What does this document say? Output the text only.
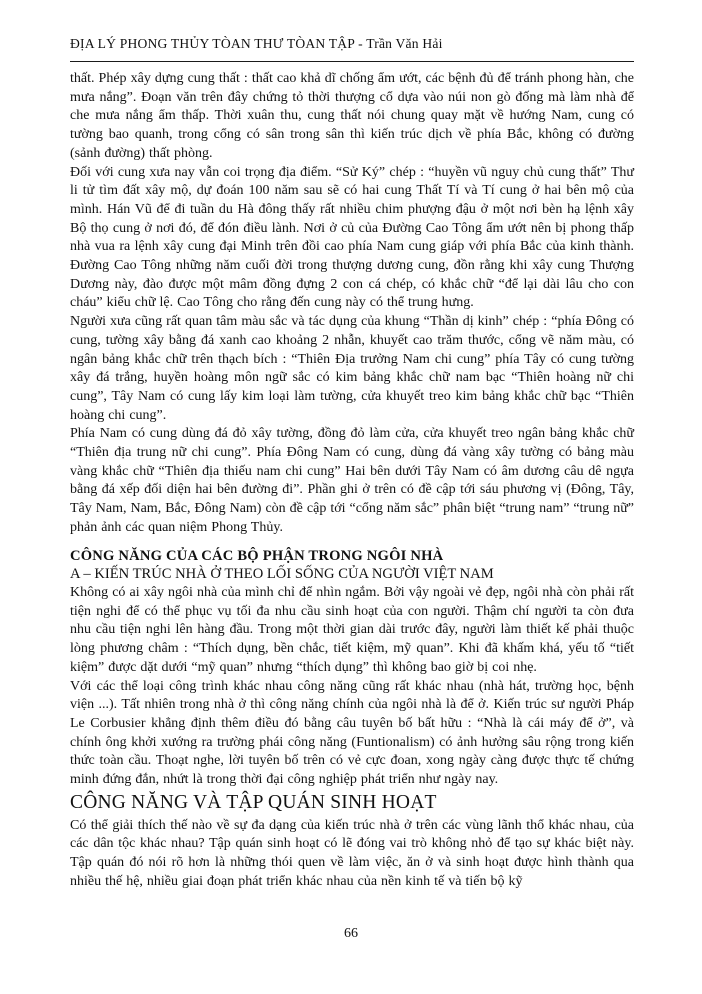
ĐỊA LÝ PHONG THỦY TÒAN THƯ TÒAN TẬP - Trần Văn Hải

thất. Phép xây dựng cung thất : thất cao khả dĩ chống ẩm ướt, các bệnh đủ để tránh phong hàn, che mưa nắng”. Đoạn văn trên đây chứng tỏ thời thượng cổ dựa vào núi non gò đống mà làm nhà để che mưa nắng ẩm thấp. Thời xuân thu, cung thất nói chung quay mặt về hướng Nam, cung có tường bao quanh, trong cổng có sân trong sân thì kiến trúc dịch về phía Bắc, không có đường (sảnh đường) thất phòng.

Đối với cung xưa nay vẫn coi trọng địa điểm. “Sử Ký” chép : “huyền vũ nguy chủ cung thất” Thư li tử tìm đất xây mộ, dự đoán 100 năm sau sẽ có hai cung Thất Tí và Tí cung ở hai bên mộ của mình. Hán Vũ để đi tuần du Hà đông thấy rất nhiều chim phượng đậu ở một nơi bèn hạ lệnh xây Bộ thọ cung ở nơi đó, để đón điều lành. Nơi ở củ của Đường Cao Tông ẩm ướt nên bị phong thấp nhà vua ra lệnh xây cung đại Minh trên đồi cao phía Nam cung giáp với phía Bắc của kinh thành. Đường Cao Tông những năm cuối đời trong thượng dương cung, đồn rằng khi xây cung Thượng Dương này, đào được một mâm đồng đựng 2 con cá chép, có khắc chữ “để lại dài lâu cho con cháu” kiểu chữ lệ. Cao Tông cho rằng đến cung này có thể trung hưng.

Người xưa cũng rất quan tâm màu sắc và tác dụng của khung “Thần dị kinh” chép : “phía Đông có cung, tường xây bằng đá xanh cao khoảng 2 nhẫn, khuyết cao trăm thước, cổng vẽ năm màu, có ngân bảng khắc chữ trên thạch bích : “Thiên Địa trưởng Nam chi cung” phía Tây có cung tường xây đá trắng, huyền hoàng môn ngữ sắc có kim bảng khắc chữ nam bạc “Thiên hoàng nữ chi cung”, Tây Nam có cung lấy kim loại làm tường, cửa khuyết treo kim bảng khắc chữ bạc “Thiên hoàng chi cung”.

Phía Nam có cung dùng đá đỏ xây tường, đồng đỏ làm cửa, cửa khuyết treo ngân bảng khắc chữ “Thiên địa trung nữ chi cung”. Phía Đông Nam có cung, dùng đá vàng xây tường có bảng màu vàng khắc chữ “Thiên địa thiếu nam chi cung” Hai bên dưới Tây Nam có âm dương câu dê ngựa bằng đá xếp đối diện hai bên đường đi”. Phần ghi ở trên có đề cập tới sáu phương vị (Đông, Tây, Tây Nam, Nam, Bắc, Đông Nam) còn đề cập tới “cổng năm sắc” phân biệt “trung nam” “trung nữ” phản ảnh các quan niệm Phong Thủy.

CÔNG NĂNG CỦA CÁC BỘ PHẬN TRONG NGÔI NHÀ
A – KIẾN TRÚC NHÀ Ở THEO LỐI SỐNG CỦA NGƯỜI VIỆT NAM

Không có ai xây ngôi nhà của mình chỉ để nhìn ngắm. Bởi vậy ngoài vẻ đẹp, ngôi nhà còn phải rất tiện nghi để có thể phục vụ tối đa nhu cầu sinh hoạt của con người. Thậm chí người ta còn đưa nhu cầu tiện nghi lên hàng đầu. Trong một thời gian dài trước đây, người làm thiết kế phải thuộc lòng phương châm : “Thích dụng, bền chắc, tiết kiệm, mỹ quan”. Khi đã khấm khá, yếu tố “tiết kiệm” được dặt dưới “mỹ quan” nhưng “thích dụng” thì không bao giờ bị coi nhẹ.

Với các thể loại công trình khác nhau công năng cũng rất khác nhau (nhà hát, trường học, bệnh viện ...). Tất nhiên trong nhà ở thì công năng chính của ngôi nhà là để ở. Kiến trúc sư người Pháp Le Corbusier khẳng định thêm điều đó bằng câu tuyên bố bất hữu : “Nhà là cái máy để ở”, và chính ông khởi xướng ra trường phái công năng (Funtionalism) có ảnh hưởng sâu rộng trong kiến thức toàn cầu. Thoạt nghe, lời tuyên bố trên có vẻ cực đoan, xong ngày càng được thực tế chứng minh đứng đắn, nhứt là trong thời đại công nghiệp phát triển như ngày nay.

CÔNG NĂNG VÀ TẬP QUÁN SINH HOẠT

Có thể giải thích thế nào về sự đa dạng của kiến trúc nhà ở trên các vùng lãnh thổ khác nhau, của các dân tộc khác nhau? Tập quán sinh hoạt có lẽ đóng vai trò không nhỏ để tạo sự khác biệt này. Tập quán đó nói rõ hơn là những thói quen về làm việc, ăn ở và sinh hoạt được hình thành qua nhiều thế hệ, nhiều giai đoạn phát triển khác nhau của nền kinh tế và tiến bộ kỹ

66
